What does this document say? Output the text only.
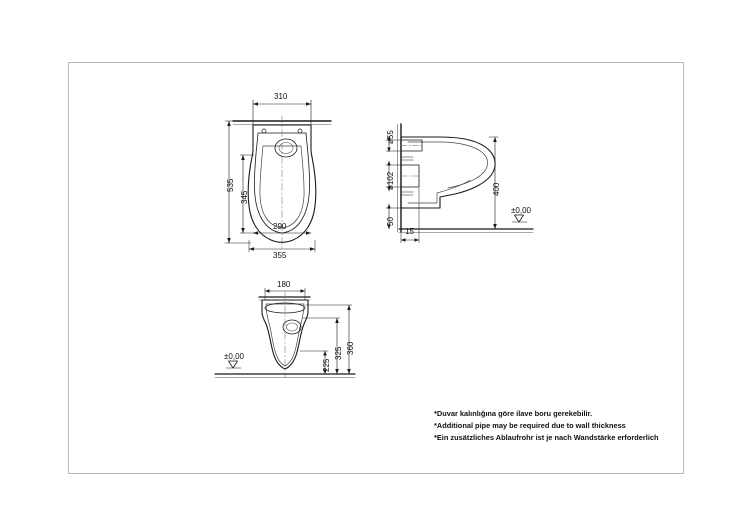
310
535
345
290
355
ø55
ø102
50
15
400
±0,00
180
225
325 360
±0,00
*Duvar kalınlığına göre ilave boru gerekebilir.
*Additional pipe may be required due to wall thickness
*Ein zusätzliches Ablaufrohr ist je nach Wandstärke erforderlich
